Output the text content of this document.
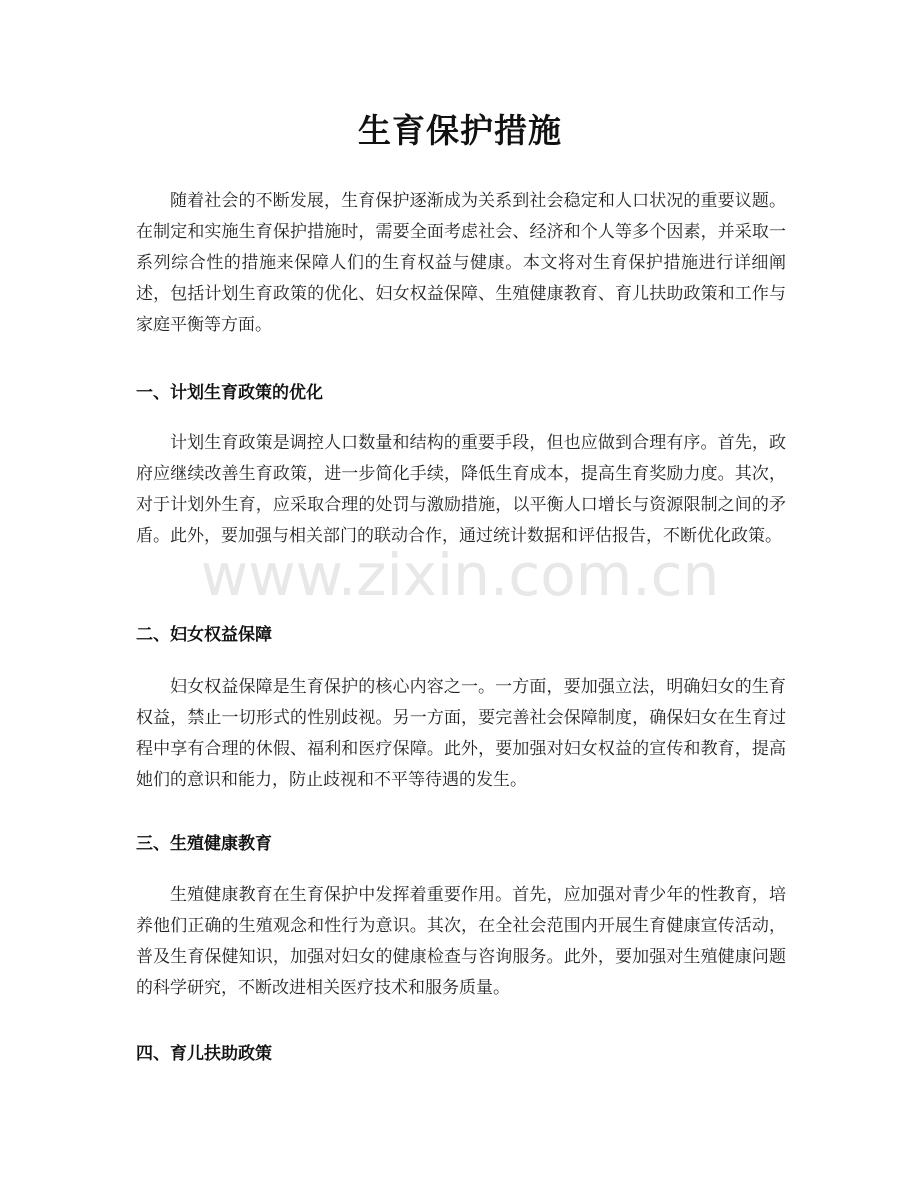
生育保护措施

随着社会的不断发展，生育保护逐渐成为关系到社会稳定和人口状况的重要议题。在制定和实施生育保护措施时，需要全面考虑社会、经济和个人等多个因素，并采取一系列综合性的措施来保障人们的生育权益与健康。本文将对生育保护措施进行详细阐述，包括计划生育政策的优化、妇女权益保障、生殖健康教育、育儿扶助政策和工作与家庭平衡等方面。

一、计划生育政策的优化

计划生育政策是调控人口数量和结构的重要手段，但也应做到合理有序。首先，政府应继续改善生育政策，进一步简化手续，降低生育成本，提高生育奖励力度。其次，对于计划外生育，应采取合理的处罚与激励措施，以平衡人口增长与资源限制之间的矛盾。此外，要加强与相关部门的联动合作，通过统计数据和评估报告，不断优化政策。

二、妇女权益保障

妇女权益保障是生育保护的核心内容之一。一方面，要加强立法，明确妇女的生育权益，禁止一切形式的性别歧视。另一方面，要完善社会保障制度，确保妇女在生育过程中享有合理的休假、福利和医疗保障。此外，要加强对妇女权益的宣传和教育，提高她们的意识和能力，防止歧视和不平等待遇的发生。

三、生殖健康教育

生殖健康教育在生育保护中发挥着重要作用。首先，应加强对青少年的性教育，培养他们正确的生殖观念和性行为意识。其次，在全社会范围内开展生育健康宣传活动，普及生育保健知识，加强对妇女的健康检查与咨询服务。此外，要加强对生殖健康问题的科学研究，不断改进相关医疗技术和服务质量。

四、育儿扶助政策
www.zixin.com.cn
